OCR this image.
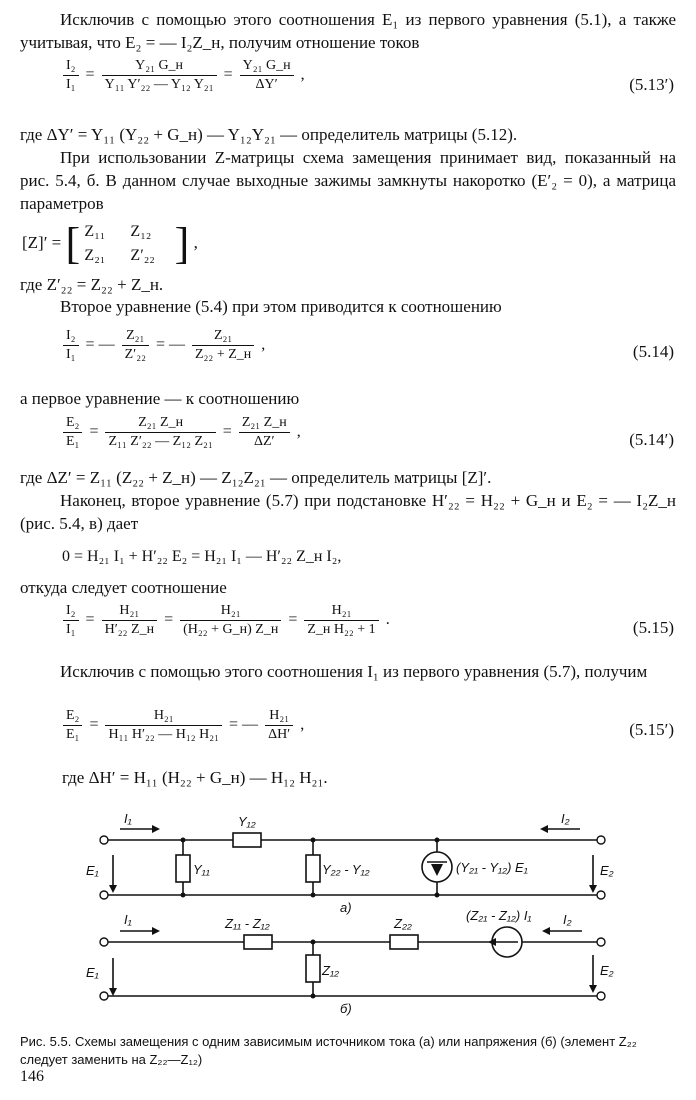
Исключив с помощью этого соотношения E₁ из первого уравнения (5.1), а также учитывая, что E₂ = — I₂Z_н, получим отношение токов
$\frac{\text{I₂}}{\text{I₁}} = \frac{\text{Y₂₁ G\_н}}{\text{Y₁₁ Y′₂₂ — Y₁₂ Y₂₁}} = \frac{\text{Y₂₁ G\_н}}{\Delta Y'}$ ,
(5.13′)
где ΔY′ = Y₁₁ (Y₂₂ + G_н) — Y₁₂Y₂₁ — определитель матрицы (5.12).
При использовании Z-матрицы схема замещения принимает вид, показанный на рис. 5.4, б. В данном случае выходные зажимы замкнуты накоротко (E′₂ = 0), а матрица параметров
[Z]′ = [ Z₁₁ Z₁₂
Z₂₁ Z′₂₂ ] ,
где Z′₂₂ = Z₂₂ + Z_н.
Второе уравнение (5.4) при этом приводится к соотношению
$\frac{\text{I₂}}{\text{I₁}}$ = — $\frac{\text{Z₂₁}}{\text{Z′₂₂}}$ = — $\frac{\text{Z₂₁}}{\text{Z₂₂ + Z\_н}}$ ,	(5.14)
а первое уравнение — к соотношению
$\frac{\text{E₂}}{\text{E₁}} = \frac{\text{Z₂₁ Z\_н}}{\text{Z₁₁ Z′₂₂ — Z₁₂ Z₂₁}} = \frac{\text{Z₂₁ Z\_н}}{\Delta Z'}$ ,	(5.14′)
где ΔZ′ = Z₁₁ (Z₂₂ + Z_н) — Z₁₂Z₂₁ — определитель матрицы [Z]′.
Наконец, второе уравнение (5.7) при подстановке H′₂₂ = H₂₂ + G_н и E₂ = — I₂Z_н (рис. 5.4, в) дает
0 = H₂₁ I₁ + H′₂₂ E₂ = H₂₁ I₁ — H′₂₂ Z_н I₂,
откуда следует соотношение
$\frac{\text{I₂}}{\text{I₁}} = \frac{\text{H₂₁}}{\text{H′₂₂ Z\_н}} = \frac{\text{H₂₁}}{\text{(H₂₂ + G\_н) Z\_н}} = \frac{\text{H₂₁}}{\text{Z\_н H₂₂ + 1}}$ .	(5.15)
Исключив с помощью этого соотношения I₁ из первого уравнения (5.7), получим
$\frac{\text{E₂}}{\text{E₁}} = \frac{\text{H₂₁}}{\text{H₁₁ H′₂₂ — H₁₂ H₂₁}}$ = — $\frac{\text{H₂₁}}{\Delta H'}$ ,	(5.15′)
где ΔH′ = H₁₁ (H₂₂ + G_н) — H₁₂ H₂₁.
I₁	I₂
E₁	E₂
Y₁₂
Y₁₁	Y₂₂ - Y₁₂	(Y₂₁ - Y₁₂) E₁
а)
I₁	I₂
E₁	E₂
Z₁₁ - Z₁₂	Z₂₂
Z₁₂
(Z₂₁ - Z₁₂) I₁
б)
Рис. 5.5. Схемы замещения с одним зависимым источником тока (а) или напряжения (б) (элемент Z₂₂ следует заменить на Z₂₂—Z₁₂)
146
